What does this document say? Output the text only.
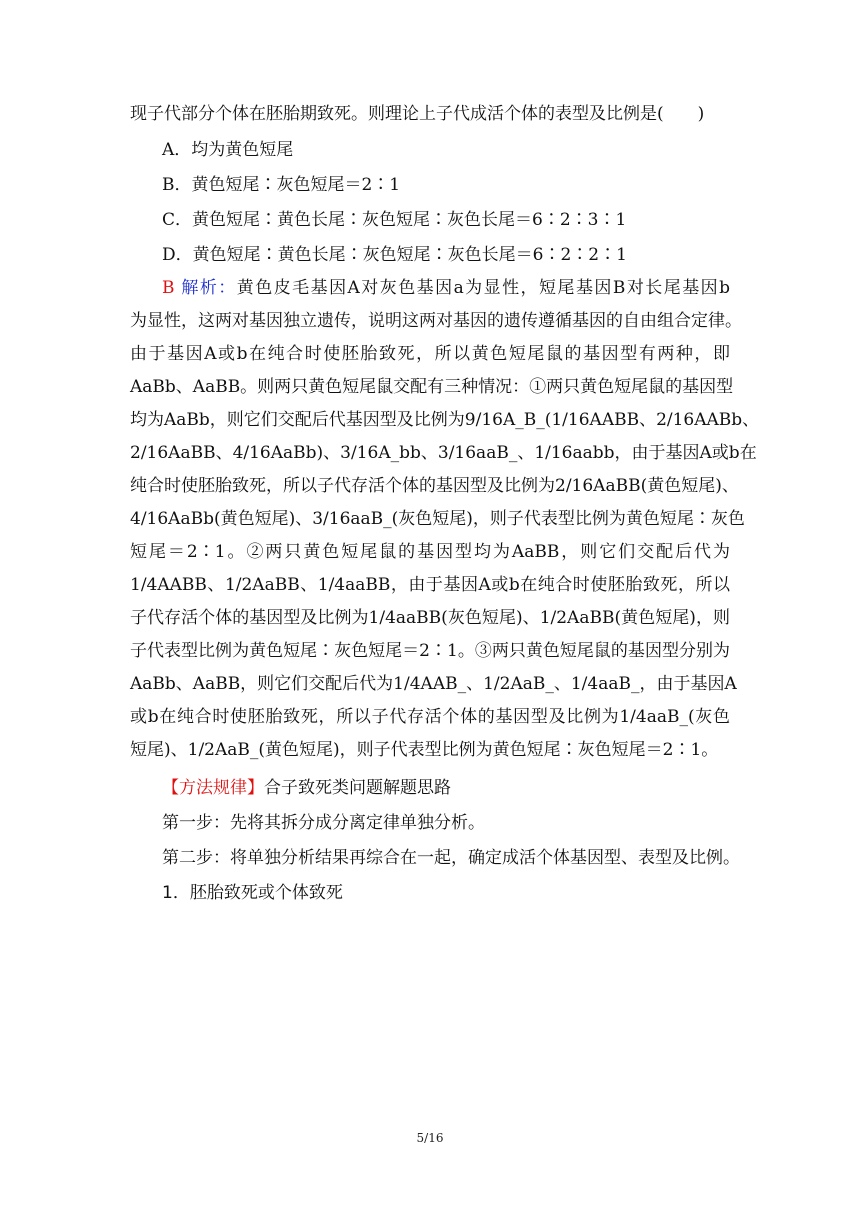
现子代部分个体在胚胎期致死。则理论上子代成活个体的表型及比例是(　　)
A．均为黄色短尾
B．黄色短尾∶灰色短尾＝2∶1
C．黄色短尾∶黄色长尾∶灰色短尾∶灰色长尾＝6∶2∶3∶1
D．黄色短尾∶黄色长尾∶灰色短尾∶灰色长尾＝6∶2∶2∶1
B 解析：黄色皮毛基因A对灰色基因a为显性，短尾基因B对长尾基因b
为显性，这两对基因独立遗传，说明这两对基因的遗传遵循基因的自由组合定律。
由于基因A或b在纯合时使胚胎致死，所以黄色短尾鼠的基因型有两种，即
AaBb、AaBB。则两只黄色短尾鼠交配有三种情况：①两只黄色短尾鼠的基因型
均为AaBb，则它们交配后代基因型及比例为9/16A_B_(1/16AABB、2/16AABb、
2/16AaBB、4/16AaBb)、3/16A_bb、3/16aaB_、1/16aabb，由于基因A或b在
纯合时使胚胎致死，所以子代存活个体的基因型及比例为2/16AaBB(黄色短尾)、
4/16AaBb(黄色短尾)、3/16aaB_(灰色短尾)，则子代表型比例为黄色短尾∶灰色
短尾＝2∶1。②两只黄色短尾鼠的基因型均为AaBB，则它们交配后代为
1/4AABB、1/2AaBB、1/4aaBB，由于基因A或b在纯合时使胚胎致死，所以
子代存活个体的基因型及比例为1/4aaBB(灰色短尾)、1/2AaBB(黄色短尾)，则
子代表型比例为黄色短尾∶灰色短尾＝2∶1。③两只黄色短尾鼠的基因型分别为
AaBb、AaBB，则它们交配后代为1/4AAB_、1/2AaB_、1/4aaB_，由于基因A
或b在纯合时使胚胎致死，所以子代存活个体的基因型及比例为1/4aaB_(灰色
短尾)、1/2AaB_(黄色短尾)，则子代表型比例为黄色短尾∶灰色短尾＝2∶1。
【方法规律】合子致死类问题解题思路
第一步：先将其拆分成分离定律单独分析。
第二步：将单独分析结果再综合在一起，确定成活个体基因型、表型及比例。
1．胚胎致死或个体致死
5/16
